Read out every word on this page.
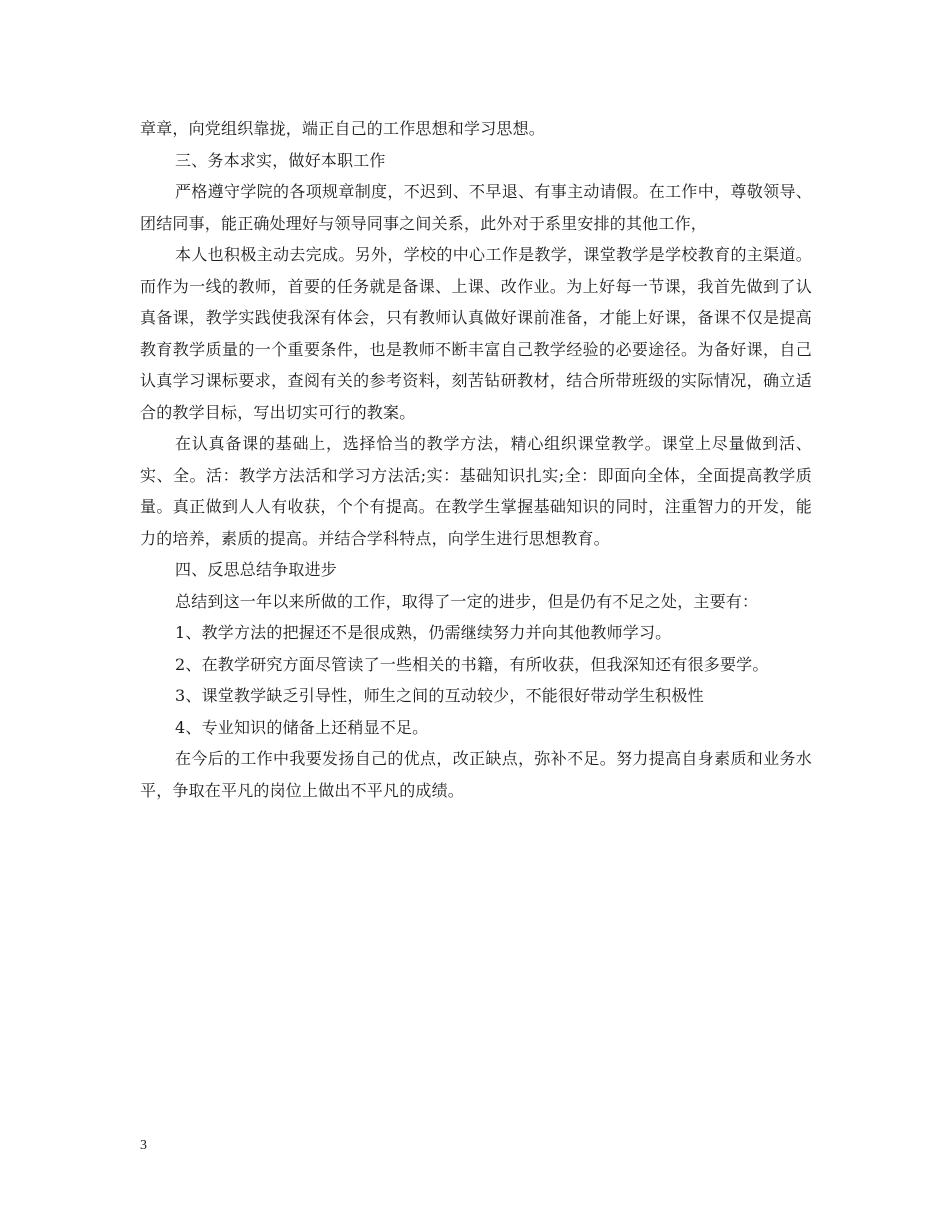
章章，向党组织靠拢，端正自己的工作思想和学习思想。

三、务本求实，做好本职工作

严格遵守学院的各项规章制度，不迟到、不早退、有事主动请假。在工作中，尊敬领导、团结同事，能正确处理好与领导同事之间关系，此外对于系里安排的其他工作，

本人也积极主动去完成。另外，学校的中心工作是教学，课堂教学是学校教育的主渠道。而作为一线的教师，首要的任务就是备课、上课、改作业。为上好每一节课，我首先做到了认真备课，教学实践使我深有体会，只有教师认真做好课前准备，才能上好课，备课不仅是提高教育教学质量的一个重要条件，也是教师不断丰富自己教学经验的必要途径。为备好课，自己认真学习课标要求，查阅有关的参考资料，刻苦钻研教材，结合所带班级的实际情况，确立适合的教学目标，写出切实可行的教案。

在认真备课的基础上，选择恰当的教学方法，精心组织课堂教学。课堂上尽量做到活、实、全。活：教学方法活和学习方法活;实：基础知识扎实;全：即面向全体，全面提高教学质量。真正做到人人有收获，个个有提高。在教学生掌握基础知识的同时，注重智力的开发，能力的培养，素质的提高。并结合学科特点，向学生进行思想教育。

四、反思总结争取进步

总结到这一年以来所做的工作，取得了一定的进步，但是仍有不足之处，主要有：

1、教学方法的把握还不是很成熟，仍需继续努力并向其他教师学习。

2、在教学研究方面尽管读了一些相关的书籍，有所收获，但我深知还有很多要学。

3、课堂教学缺乏引导性，师生之间的互动较少，不能很好带动学生积极性

4、专业知识的储备上还稍显不足。

在今后的工作中我要发扬自己的优点，改正缺点，弥补不足。努力提高自身素质和业务水平，争取在平凡的岗位上做出不平凡的成绩。

3
